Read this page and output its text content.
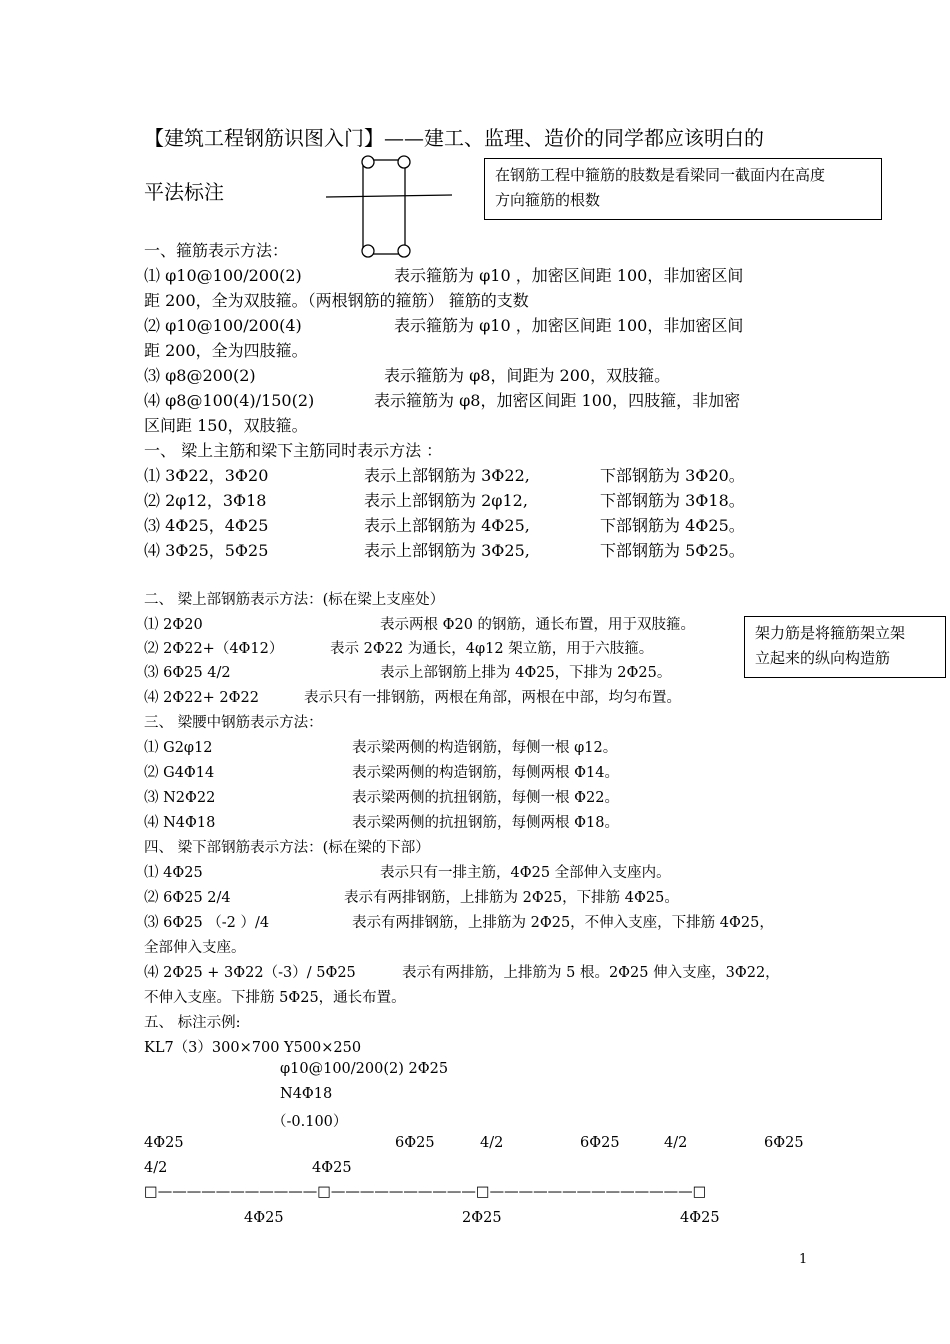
【建筑工程钢筋识图入门】——建工、监理、造价的同学都应该明白的
平法标注
在钢筋工程中箍筋的肢数是看梁同一截面内在高度
方向箍筋的根数
一、箍筋表示方法：
⑴ φ10@100/200(2)	表示箍筋为 φ10 ，加密区间距 100，非加密区间
距 200，全为双肢箍。（两根钢筋的箍筋） 箍筋的支数
⑵ φ10@100/200(4)	表示箍筋为 φ10 ，加密区间距 100，非加密区间
距 200，全为四肢箍。
⑶ φ8@200(2)	表示箍筋为 φ8，间距为 200，双肢箍。
⑷ φ8@100(4)/150(2)	表示箍筋为 φ8，加密区间距 100，四肢箍，非加密
区间距 150，双肢箍。
一、 梁上主筋和梁下主筋同时表示方法 ：
⑴ 3Φ22，3Φ20	表示上部钢筋为 3Φ22,	下部钢筋为 3Φ20。
⑵ 2φ12，3Φ18	表示上部钢筋为 2φ12,	下部钢筋为 3Φ18。
⑶ 4Φ25，4Φ25	表示上部钢筋为 4Φ25,	下部钢筋为 4Φ25。
⑷ 3Φ25，5Φ25	表示上部钢筋为 3Φ25,	下部钢筋为 5Φ25。
二、 梁上部钢筋表示方法：(标在梁上支座处）
⑴ 2Φ20	表示两根 Φ20 的钢筋，通长布置，用于双肢箍。
⑵ 2Φ22+（4Φ12）	表示 2Φ22 为通长，4φ12 架立筋，用于六肢箍。
⑶ 6Φ25 4/2	表示上部钢筋上排为 4Φ25，下排为 2Φ25。
⑷ 2Φ22+ 2Φ22	表示只有一排钢筋，两根在角部，两根在中部，均匀布置。
架力筋是将箍筋架立架
立起来的纵向构造筋
三、 梁腰中钢筋表示方法：
⑴ G2φ12	表示梁两侧的构造钢筋，每侧一根 φ12。
⑵ G4Φ14	表示梁两侧的构造钢筋，每侧两根 Φ14。
⑶ N2Φ22	表示梁两侧的抗扭钢筋，每侧一根 Φ22。
⑷ N4Φ18	表示梁两侧的抗扭钢筋，每侧两根 Φ18。
四、 梁下部钢筋表示方法：(标在梁的下部）
⑴ 4Φ25	表示只有一排主筋，4Φ25 全部伸入支座内。
⑵ 6Φ25 2/4	表示有两排钢筋，上排筋为 2Φ25，下排筋 4Φ25。
⑶ 6Φ25 （-2 ）/4	表示有两排钢筋，上排筋为 2Φ25，不伸入支座，下排筋 4Φ25，
全部伸入支座。
⑷ 2Φ25 + 3Φ22（-3）/ 5Φ25	表示有两排筋，上排筋为 5 根。2Φ25 伸入支座，3Φ22，
不伸入支座。下排筋 5Φ25，通长布置。
五、 标注示例:
KL7（3）300×700 Y500×250
φ10@100/200(2) 2Φ25
N4Φ18
（-0.100）
4Φ25	6Φ25	4/2	6Φ25	4/2	6Φ25
4/2	4Φ25
□———————————□——————————□——————————————□
4Φ25	2Φ25	4Φ25
1
